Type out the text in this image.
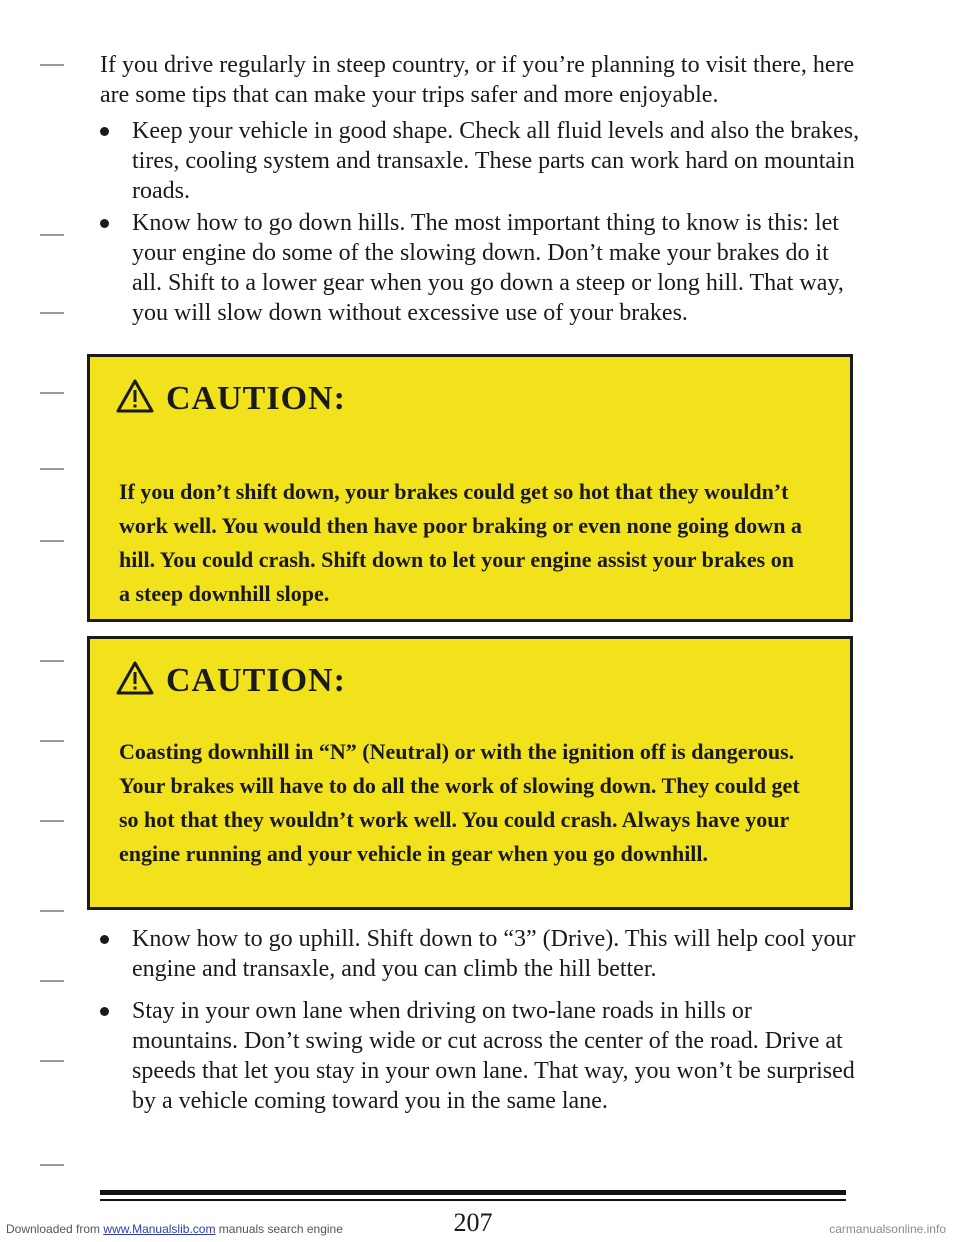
If you drive regularly in steep country, or if you’re planning to visit there, here are some tips that can make your trips safer and more enjoyable.
Keep your vehicle in good shape. Check all fluid levels and also the brakes, tires, cooling system and transaxle. These parts can work hard on mountain roads.
Know how to go down hills. The most important thing to know is this: let your engine do some of the slowing down. Don’t make your brakes do it all. Shift to a lower gear when you go down a steep or long hill. That way, you will slow down without excessive use of your brakes.
CAUTION:
If you don’t shift down, your brakes could get so hot that they wouldn’t work well. You would then have poor braking or even none going down a hill. You could crash. Shift down to let your engine assist your brakes on a steep downhill slope.
CAUTION:
Coasting downhill in “N” (Neutral) or with the ignition off is dangerous. Your brakes will have to do all the work of slowing down. They could get so hot that they wouldn’t work well. You could crash. Always have your engine running and your vehicle in gear when you go downhill.
Know how to go uphill. Shift down to “3” (Drive). This will help cool your engine and transaxle, and you can climb the hill better.
Stay in your own lane when driving on two-lane roads in hills or mountains. Don’t swing wide or cut across the center of the road. Drive at speeds that let you stay in your own lane. That way, you won’t be surprised by a vehicle coming toward you in the same lane.
207
Downloaded from www.Manualslib.com manuals search engine	carmanualsonline.info
